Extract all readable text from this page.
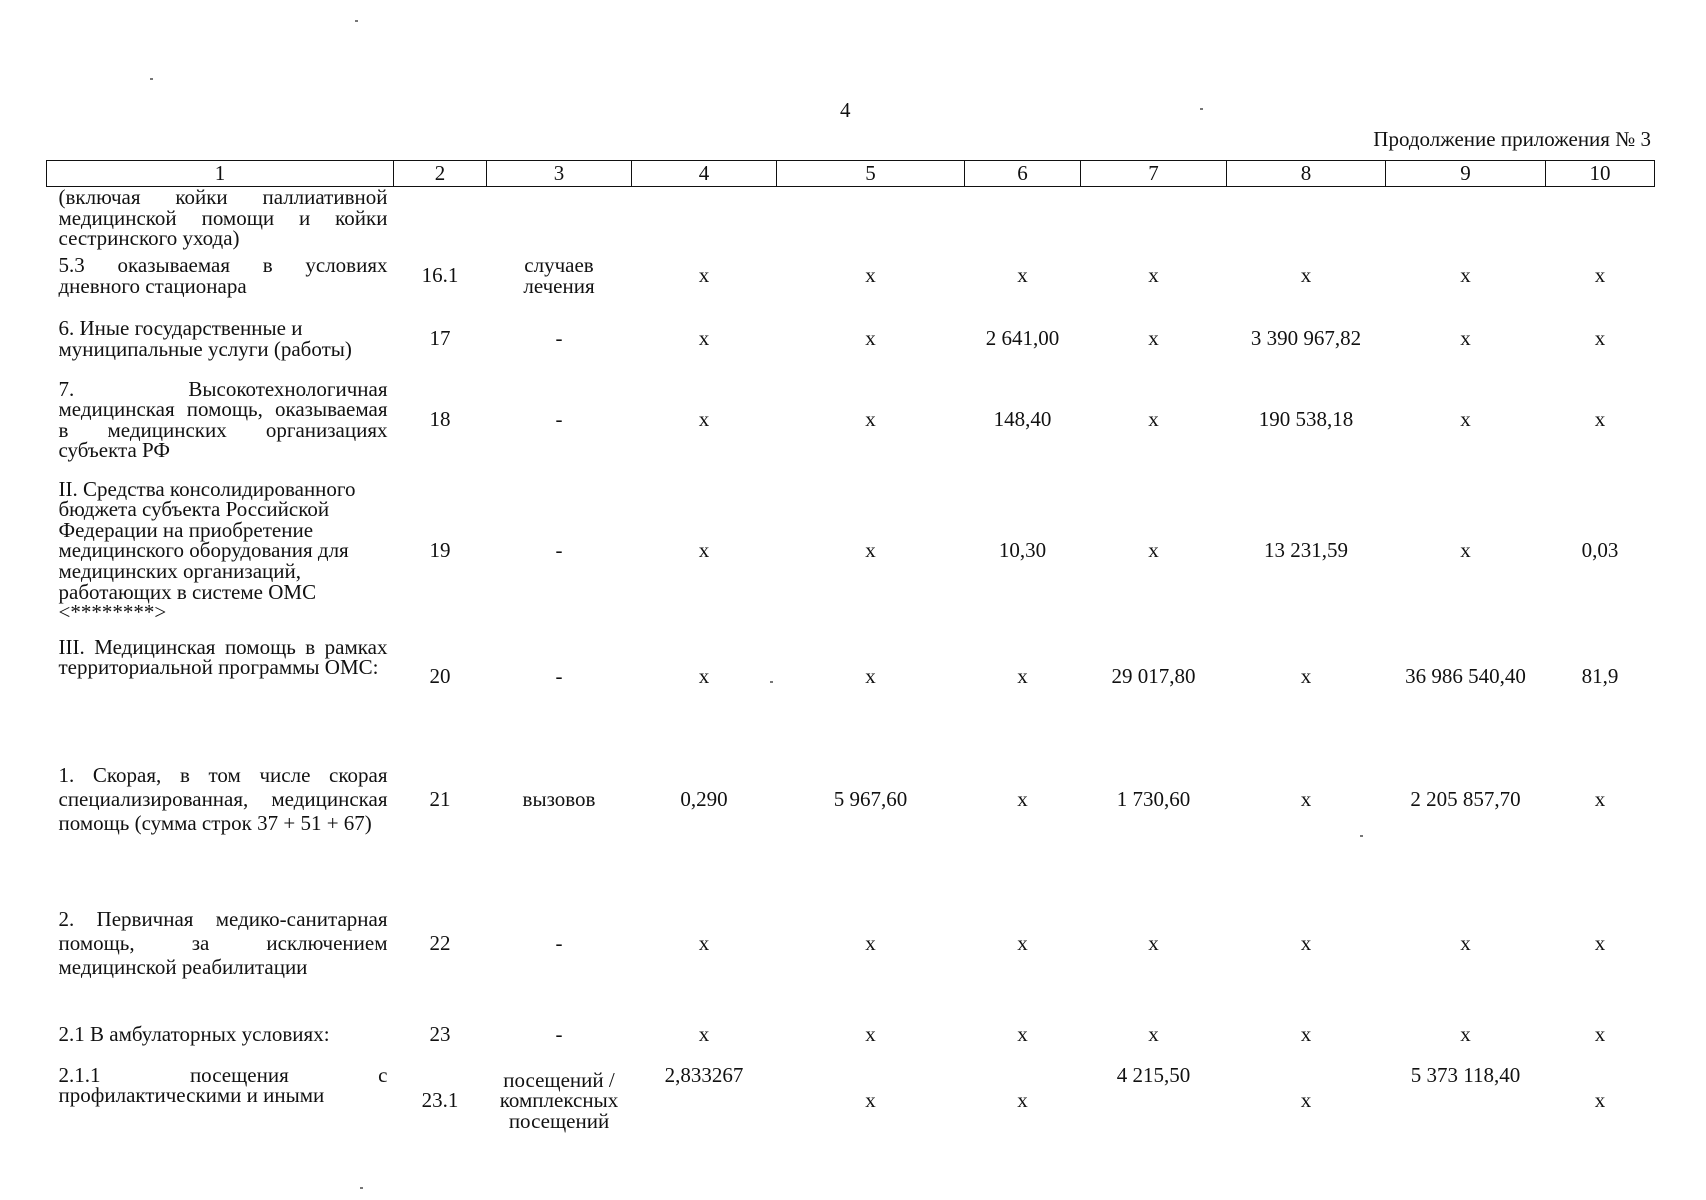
4
Продолжение приложения № 3
1	2	3	4	5	6	7	8	9	10
(включая койки паллиативной медицинской помощи и койки сестринского ухода)									
5.3 оказываемая в условиях дневного стационара	16.1	случаев лечения	х	х	х	х	х	х	х
6. Иные государственные и муниципальные услуги (работы)	17	-	х	х	2 641,00	х	3 390 967,82	х	х
7. Высокотехнологичная медицинская помощь, оказываемая в медицинских организациях субъекта РФ	18	-	х	х	148,40	х	190 538,18	х	х
II. Средства консолидированного бюджета субъекта Российской Федерации на приобретение медицинского оборудования для медицинских организаций, работающих в системе ОМС <********>	19	-	х	х	10,30	х	13 231,59	х	0,03
III. Медицинская помощь в рамках территориальной программы ОМС:	20	-	х	х	х	29 017,80	х	36 986 540,40	81,9
1. Скорая, в том числе скорая специализированная, медицинская помощь (сумма строк 37 + 51 + 67)	21	вызовов	0,290	5 967,60	х	1 730,60	х	2 205 857,70	х
2. Первичная медико-санитарная помощь, за исключением медицинской реабилитации	22	-	х	х	х	х	х	х	х
2.1 В амбулаторных условиях:	23	-	х	х	х	х	х	х	х
2.1.1 посещения с профилактическими и иными	23.1	посещений /комплексных посещений	2,833267	х	х	4 215,50	х	5 373 118,40	х
